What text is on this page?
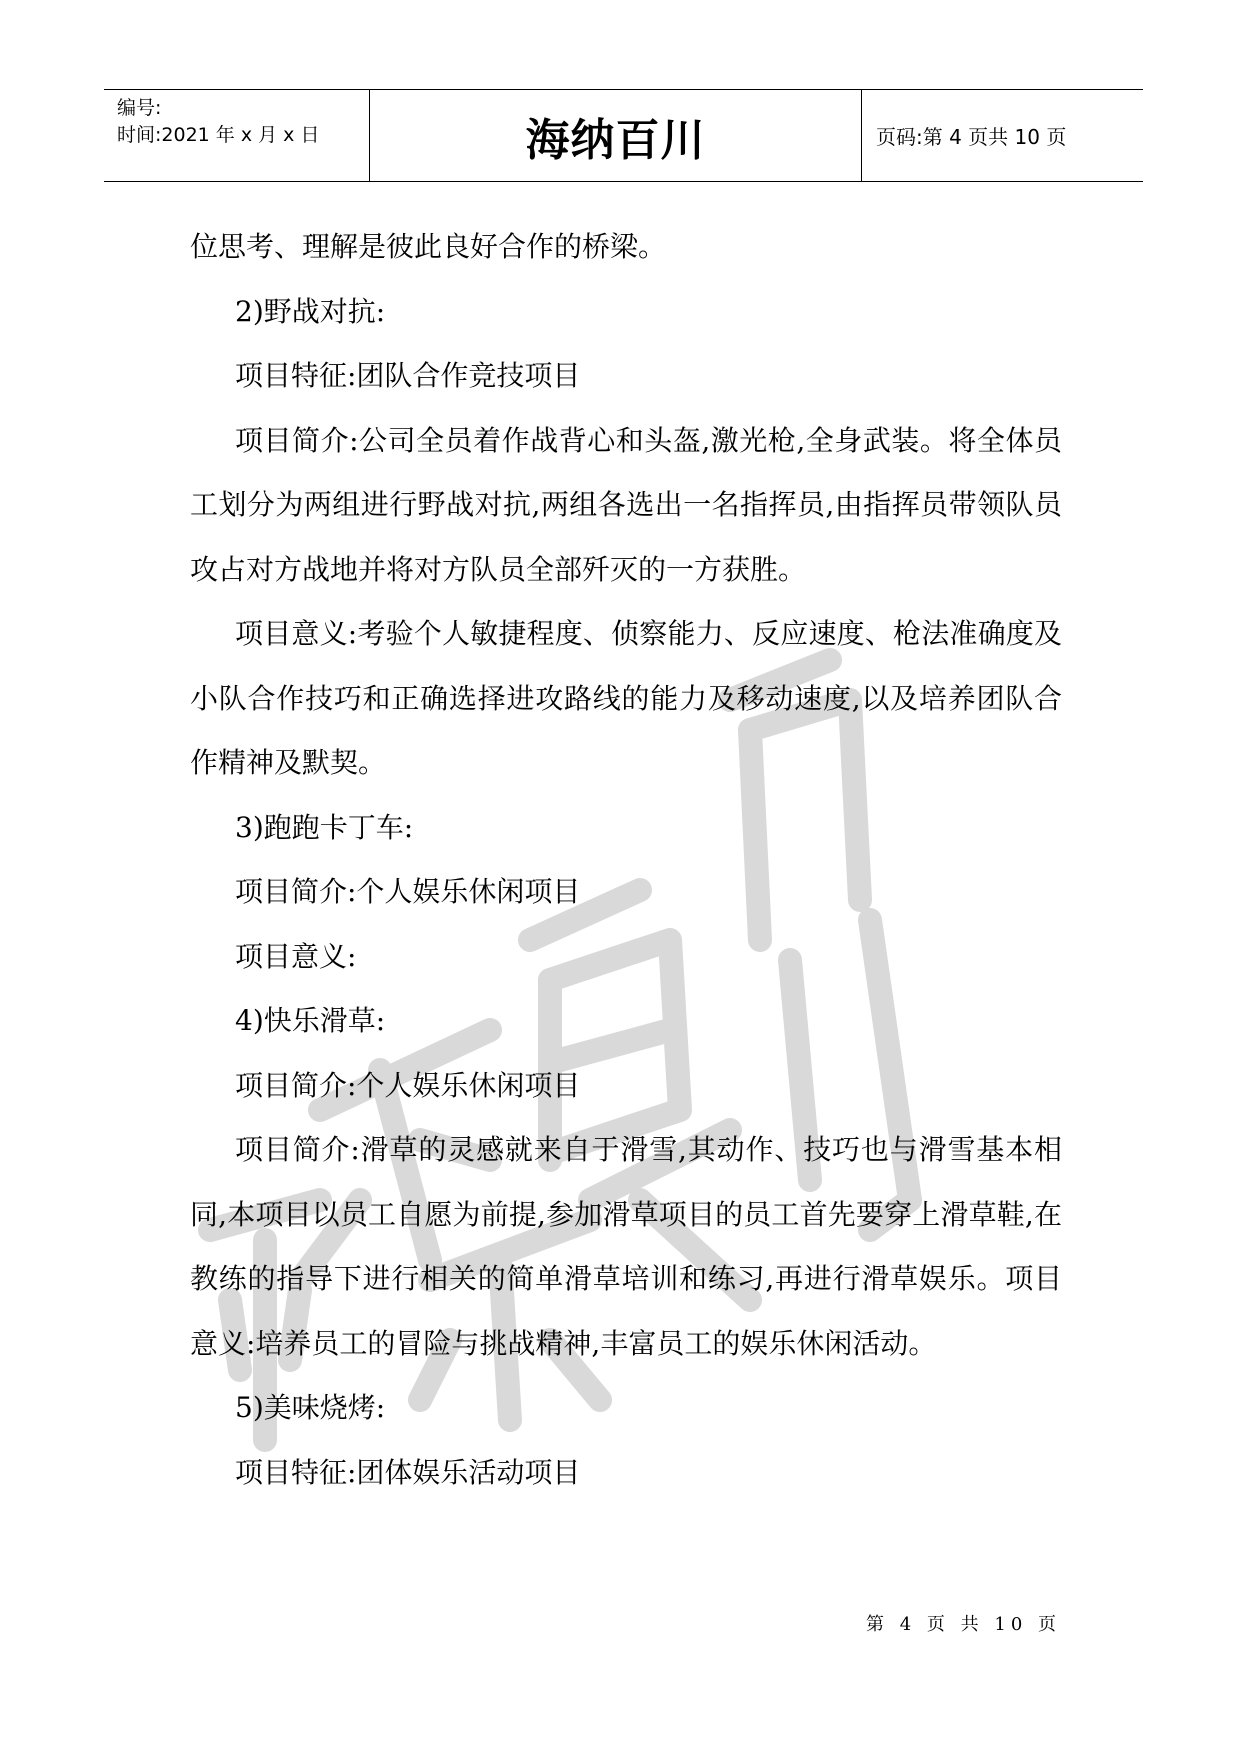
编号:
时间:2021 年 x 月 x 日	海纳百川	页码:第 4 页共 10 页

位思考、理解是彼此良好合作的桥梁。

2)野战对抗:

项目特征:团队合作竞技项目

项目简介:公司全员着作战背心和头盔,激光枪,全身武装。将全体员工划分为两组进行野战对抗,两组各选出一名指挥员,由指挥员带领队员攻占对方战地并将对方队员全部歼灭的一方获胜。

项目意义:考验个人敏捷程度、侦察能力、反应速度、枪法准确度及小队合作技巧和正确选择进攻路线的能力及移动速度,以及培养团队合作精神及默契。

3)跑跑卡丁车:

项目简介:个人娱乐休闲项目

项目意义:

4)快乐滑草:

项目简介:个人娱乐休闲项目

项目简介:滑草的灵感就来自于滑雪,其动作、技巧也与滑雪基本相同,本项目以员工自愿为前提,参加滑草项目的员工首先要穿上滑草鞋,在教练的指导下进行相关的简单滑草培训和练习,再进行滑草娱乐。项目意义:培养员工的冒险与挑战精神,丰富员工的娱乐休闲活动。

5)美味烧烤:

项目特征:团体娱乐活动项目

第 4 页 共 10 页
